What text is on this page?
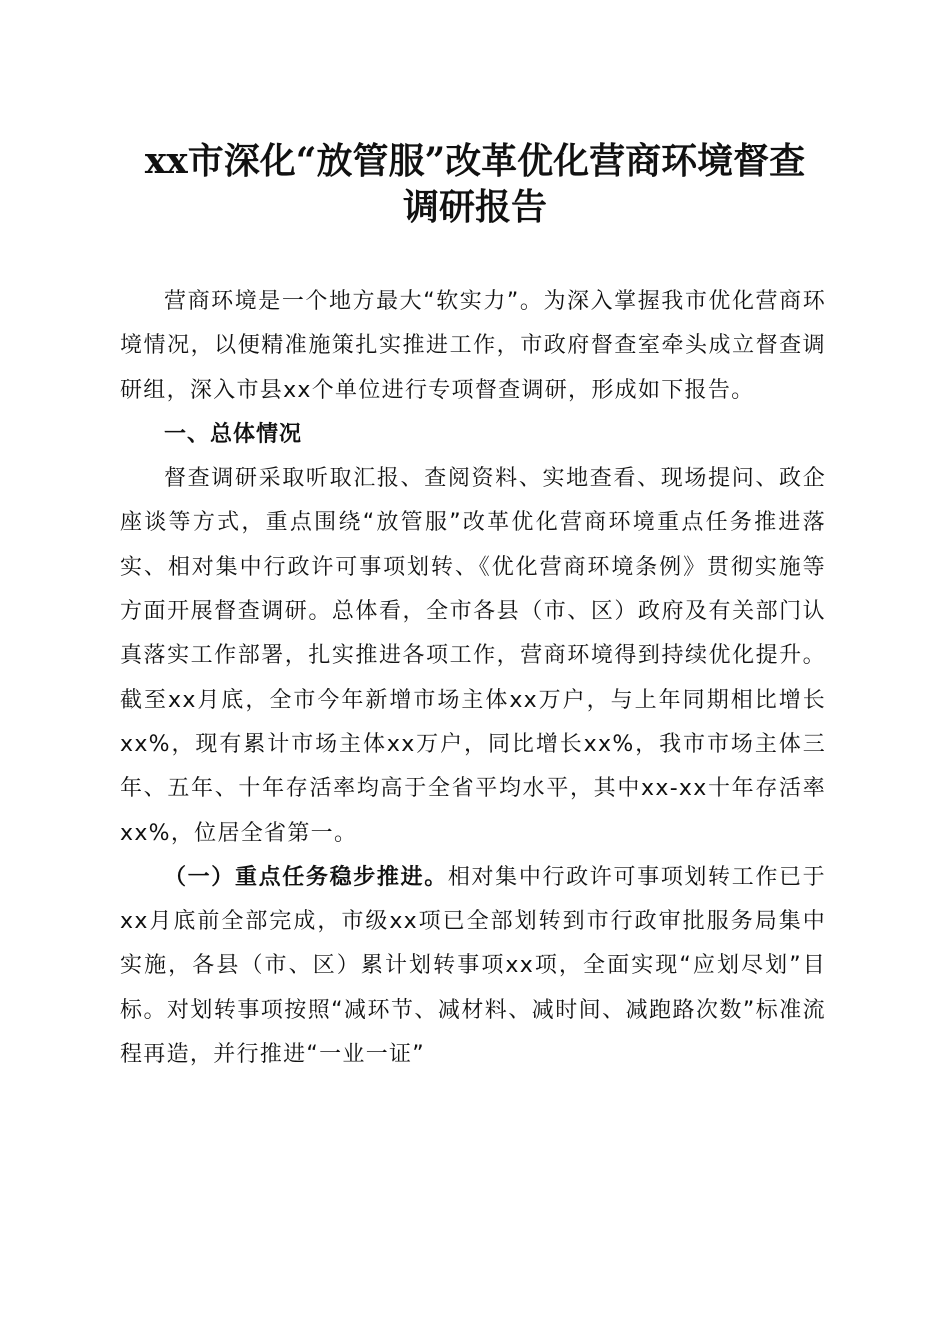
xx市深化“放管服”改革优化营商环境督查
调研报告

营商环境是一个地方最大“软实力”。为深入掌握我市优化营商环境情况，以便精准施策扎实推进工作，市政府督查室牵头成立督查调研组，深入市县xx个单位进行专项督查调研，形成如下报告。

一、总体情况

督查调研采取听取汇报、查阅资料、实地查看、现场提问、政企座谈等方式，重点围绕“放管服”改革优化营商环境重点任务推进落实、相对集中行政许可事项划转、《优化营商环境条例》贯彻实施等方面开展督查调研。总体看，全市各县（市、区）政府及有关部门认真落实工作部署，扎实推进各项工作，营商环境得到持续优化提升。截至xx月底，全市今年新增市场主体xx万户，与上年同期相比增长xx%，现有累计市场主体xx万户，同比增长xx%，我市市场主体三年、五年、十年存活率均高于全省平均水平，其中xx-xx十年存活率xx%，位居全省第一。

（一）重点任务稳步推进。相对集中行政许可事项划转工作已于xx月底前全部完成，市级xx项已全部划转到市行政审批服务局集中实施，各县（市、区）累计划转事项xx项，全面实现“应划尽划”目标。对划转事项按照“减环节、减材料、减时间、减跑路次数”标准流程再造，并行推进“一业一证”
